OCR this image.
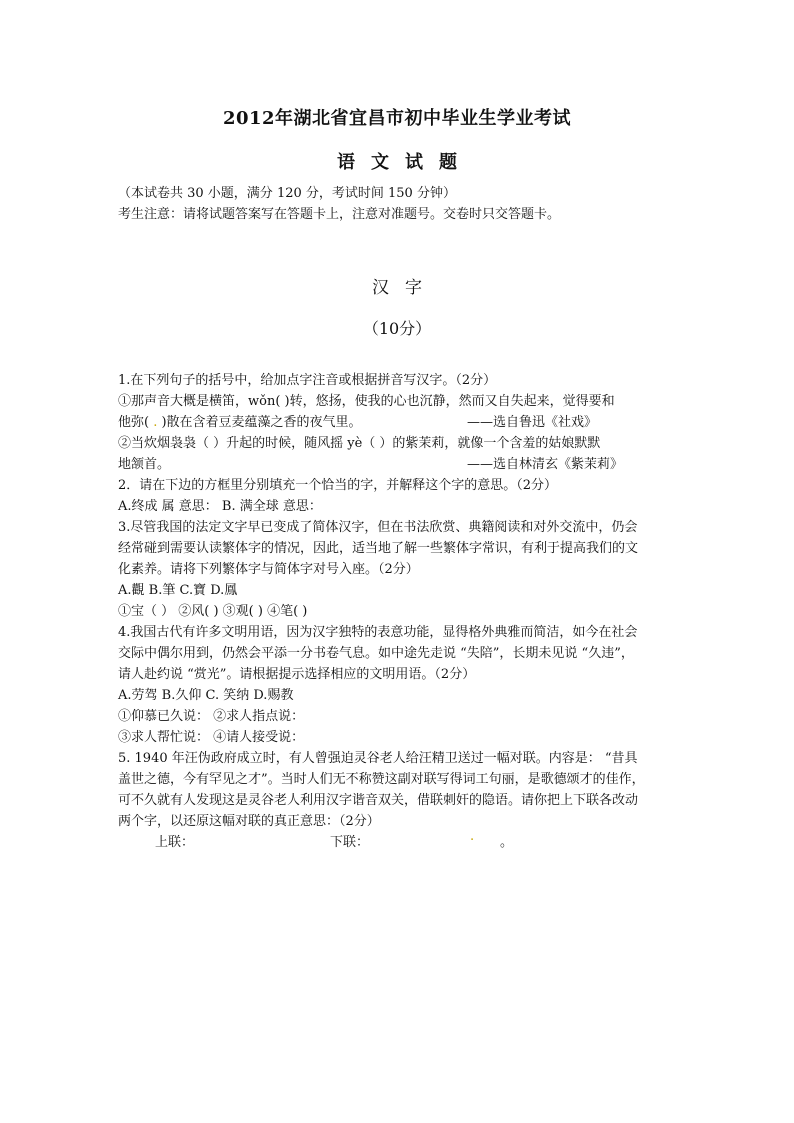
2012年湖北省宜昌市初中毕业生学业考试
语文试题
（本试卷共 30 小题，满分 120 分，考试时间 150 分钟）
考生注意：请将试题答案写在答题卡上，注意对准题号。交卷时只交答题卡。
汉字
（10分）
1.在下列句子的括号中，给加点字注音或根据拼音写汉字。（2分）
①那声音大概是横笛，wǒn( )转，悠扬，使我的心也沉静，然而又自失起来，觉得要和
他弥( . )散在含着豆麦蕴藻之香的夜气里。	——选自鲁迅《社戏》
②当炊烟袅袅（ ）升起的时候，随风摇 yè（ ）的紫茉莉，就像一个含羞的姑娘默默
地颔首。	——选自林清玄《紫茉莉》
2．请在下边的方框里分别填充一个恰当的字，并解释这个字的意思。（2分）
A.终成 属 意思： B. 满全球 意思：
3.尽管我国的法定文字早已变成了简体汉字，但在书法欣赏、典籍阅读和对外交流中，仍会
经常碰到需要认读繁体字的情况，因此，适当地了解一些繁体字常识，有利于提高我们的文
化素养。请将下列繁体字与简体字对号入座。（2分）
A.觀 B.筆 C.寶 D.鳳
①宝（ ） ②风( ) ③观( ) ④笔( )
4.我国古代有许多文明用语，因为汉字独特的表意功能，显得格外典雅而简洁，如今在社会
交际中偶尔用到，仍然会平添一分书卷气息。如中途先走说 “失陪”，长期未见说 “久违”，
请人赴约说 “赏光”。请根据提示选择相应的文明用语。（2分）
A.劳驾 B.久仰 C. 笑纳 D.赐教
①仰慕已久说： ②求人指点说：
③求人帮忙说： ④请人接受说：
5. 1940 年汪伪政府成立时，有人曾强迫灵谷老人给汪精卫送过一幅对联。内容是： “昔具
盖世之德，今有罕见之才”。当时人们无不称赞这副对联写得词工句丽，是歌德颂才的佳作，
可不久就有人发现这是灵谷老人利用汉字谐音双关，借联刺奸的隐语。请你把上下联各改动
两个字，以还原这幅对联的真正意思：（2分）
上联：	下联：	. 。
